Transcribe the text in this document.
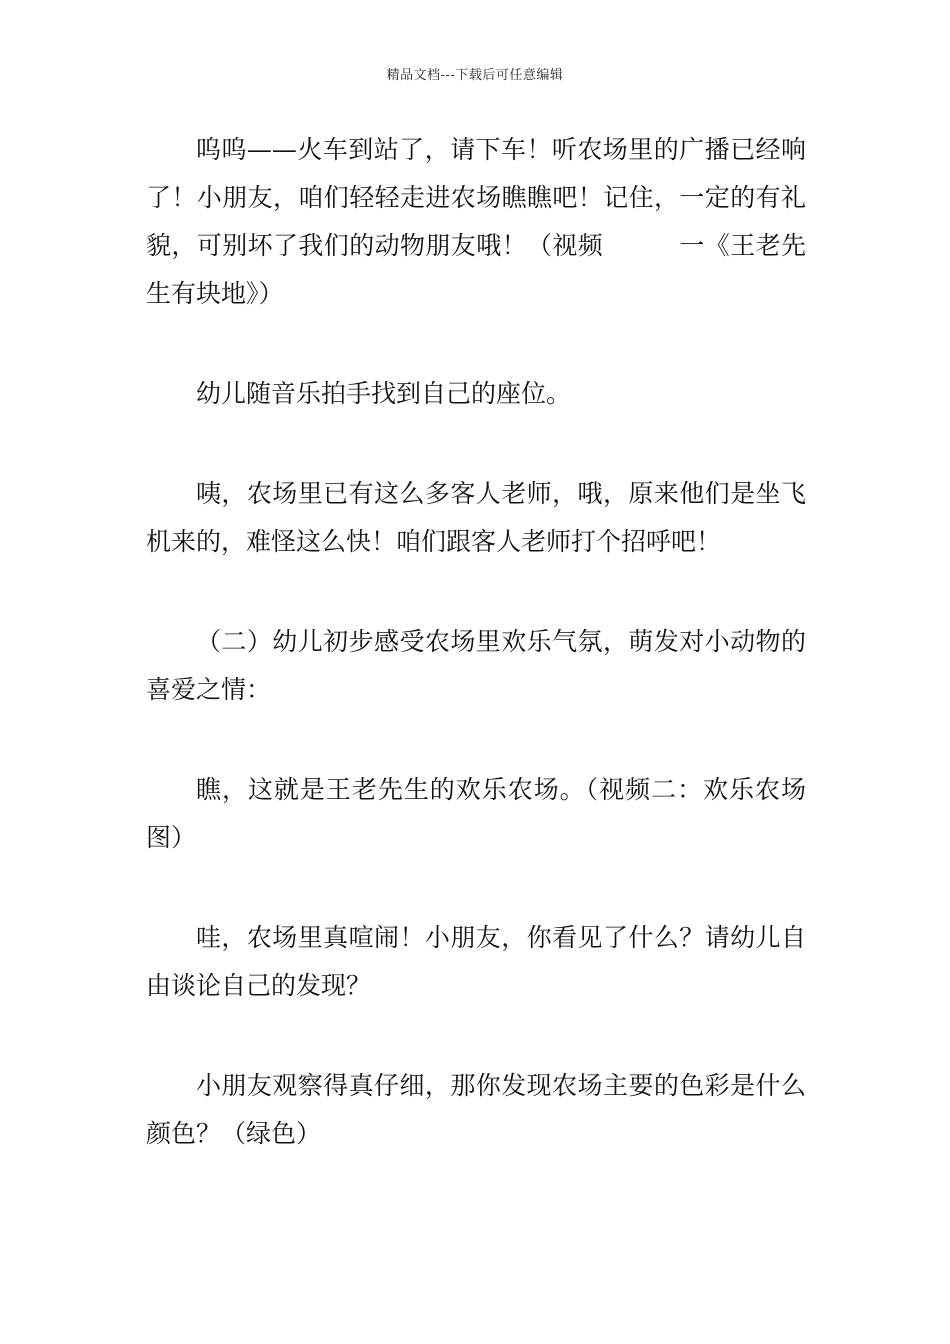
精品文档---下载后可任意编辑

呜呜——火车到站了，请下车！听农场里的广播已经响了！小朋友，咱们轻轻走进农场瞧瞧吧！记住，一定的有礼貌，可别坏了我们的动物朋友哦！（视频　　　一《王老先生有块地》）

幼儿随音乐拍手找到自己的座位。

咦，农场里已有这么多客人老师，哦，原来他们是坐飞机来的，难怪这么快！咱们跟客人老师打个招呼吧！

（二）幼儿初步感受农场里欢乐气氛，萌发对小动物的喜爱之情：

瞧，这就是王老先生的欢乐农场。（视频二：欢乐农场图）

哇，农场里真喧闹！小朋友，你看见了什么？请幼儿自由谈论自己的发现？

小朋友观察得真仔细，那你发现农场主要的色彩是什么颜色？（绿色）
